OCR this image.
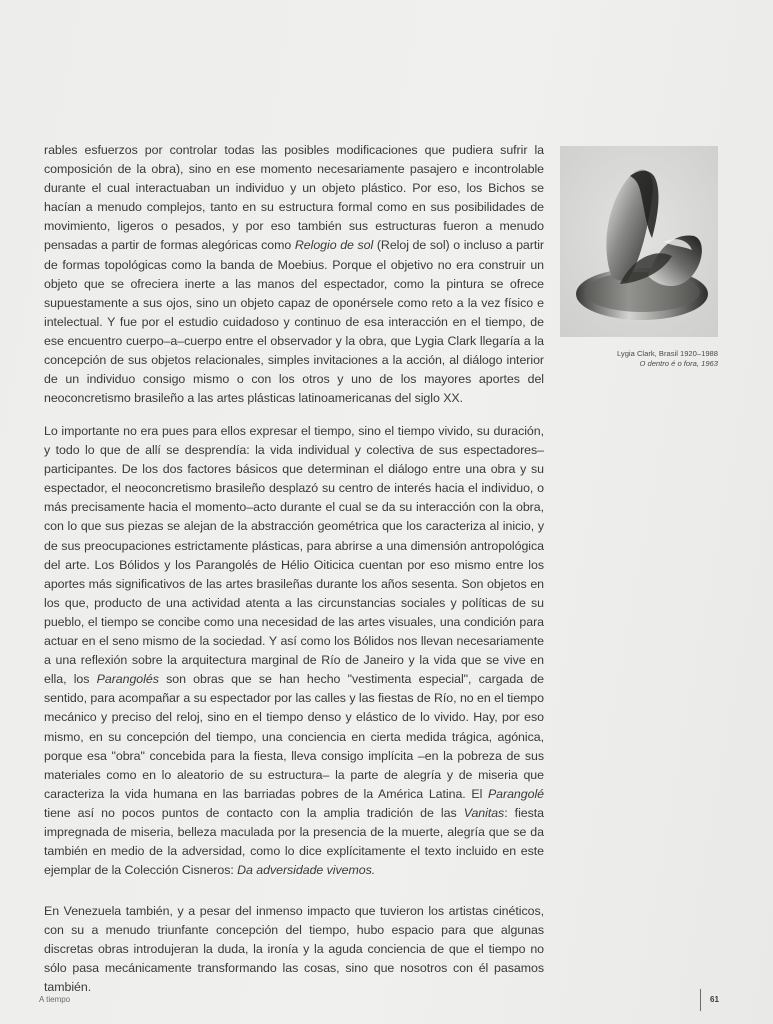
rables esfuerzos por controlar todas las posibles modificaciones que pudiera sufrir la composición de la obra), sino en ese momento necesariamente pasajero e incontrolable durante el cual interactuaban un individuo y un objeto plástico. Por eso, los Bichos se hacían a menudo complejos, tanto en su estructura formal como en sus posibilidades de movimiento, ligeros o pesados, y por eso también sus estructuras fueron a menudo pensadas a partir de formas alegóricas como Relogio de sol (Reloj de sol) o incluso a partir de formas topológicas como la banda de Moebius. Porque el objetivo no era construir un objeto que se ofreciera inerte a las manos del espectador, como la pintura se ofrece supuestamente a sus ojos, sino un objeto capaz de oponérsele como reto a la vez físico e intelectual. Y fue por el estudio cuidadoso y continuo de esa interacción en el tiempo, de ese encuentro cuerpo–a–cuerpo entre el observador y la obra, que Lygia Clark llegaría a la concepción de sus objetos relacionales, simples invitaciones a la acción, al diálogo interior de un individuo consigo mismo o con los otros y uno de los mayores aportes del neoconcretismo brasileño a las artes plásticas latinoamericanas del siglo XX.

Lo importante no era pues para ellos expresar el tiempo, sino el tiempo vivido, su duración, y todo lo que de allí se desprendía: la vida individual y colectiva de sus espectadores–participantes. De los dos factores básicos que determinan el diálogo entre una obra y su espectador, el neoconcretismo brasileño desplazó su centro de interés hacia el individuo, o más precisamente hacia el momento–acto durante el cual se da su interacción con la obra, con lo que sus piezas se alejan de la abstracción geométrica que los caracteriza al inicio, y de sus preocupaciones estrictamente plásticas, para abrirse a una dimensión antropológica del arte. Los Bólidos y los Parangolés de Hélio Oiticica cuentan por eso mismo entre los aportes más significativos de las artes brasileñas durante los años sesenta. Son objetos en los que, producto de una actividad atenta a las circunstancias sociales y políticas de su pueblo, el tiempo se concibe como una necesidad de las artes visuales, una condición para actuar en el seno mismo de la sociedad. Y así como los Bólidos nos llevan necesariamente a una reflexión sobre la arquitectura marginal de Río de Janeiro y la vida que se vive en ella, los Parangolés son obras que se han hecho "vestimenta especial", cargada de sentido, para acompañar a su espectador por las calles y las fiestas de Río, no en el tiempo mecánico y preciso del reloj, sino en el tiempo denso y elástico de lo vivido. Hay, por eso mismo, en su concepción del tiempo, una conciencia en cierta medida trágica, agónica, porque esa "obra" concebida para la fiesta, lleva consigo implícita –en la pobreza de sus materiales como en lo aleatorio de su estructura– la parte de alegría y de miseria que caracteriza la vida humana en las barriadas pobres de la América Latina. El Parangolé tiene así no pocos puntos de contacto con la amplia tradición de las Vanitas: fiesta impregnada de miseria, belleza maculada por la presencia de la muerte, alegría que se da también en medio de la adversidad, como lo dice explícitamente el texto incluido en este ejemplar de la Colección Cisneros: Da adversidade vivemos.

En Venezuela también, y a pesar del inmenso impacto que tuvieron los artistas cinéticos, con su a menudo triunfante concepción del tiempo, hubo espacio para que algunas discretas obras introdujeran la duda, la ironía y la aguda conciencia de que el tiempo no sólo pasa mecánicamente transformando las cosas, sino que nosotros con él pasamos también.

Lygia Clark, Brasil 1920–1988
O dentro é o fora, 1963
A tiempo	61
